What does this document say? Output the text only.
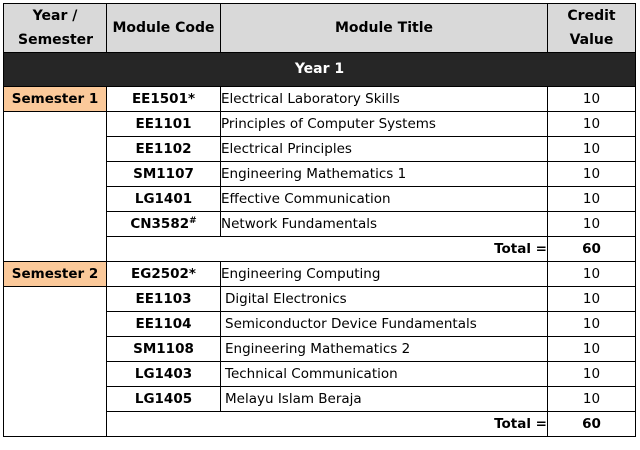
Year / Semester	Module Code	Module Title	Credit Value
Year 1			
Semester 1	EE1501*	Electrical Laboratory Skills	10
	EE1101	Principles of Computer Systems	10
	EE1102	Electrical Principles	10
	SM1107	Engineering Mathematics 1	10
	LG1401	Effective Communication	10
	CN3582#	Network Fundamentals	10
	Total =		60
Semester 2	EG2502*	Engineering Computing	10
	EE1103	Digital Electronics	10
	EE1104	Semiconductor Device Fundamentals	10
	SM1108	Engineering Mathematics 2	10
	LG1403	Technical Communication	10
	LG1405	Melayu Islam Beraja	10
	Total =		60
